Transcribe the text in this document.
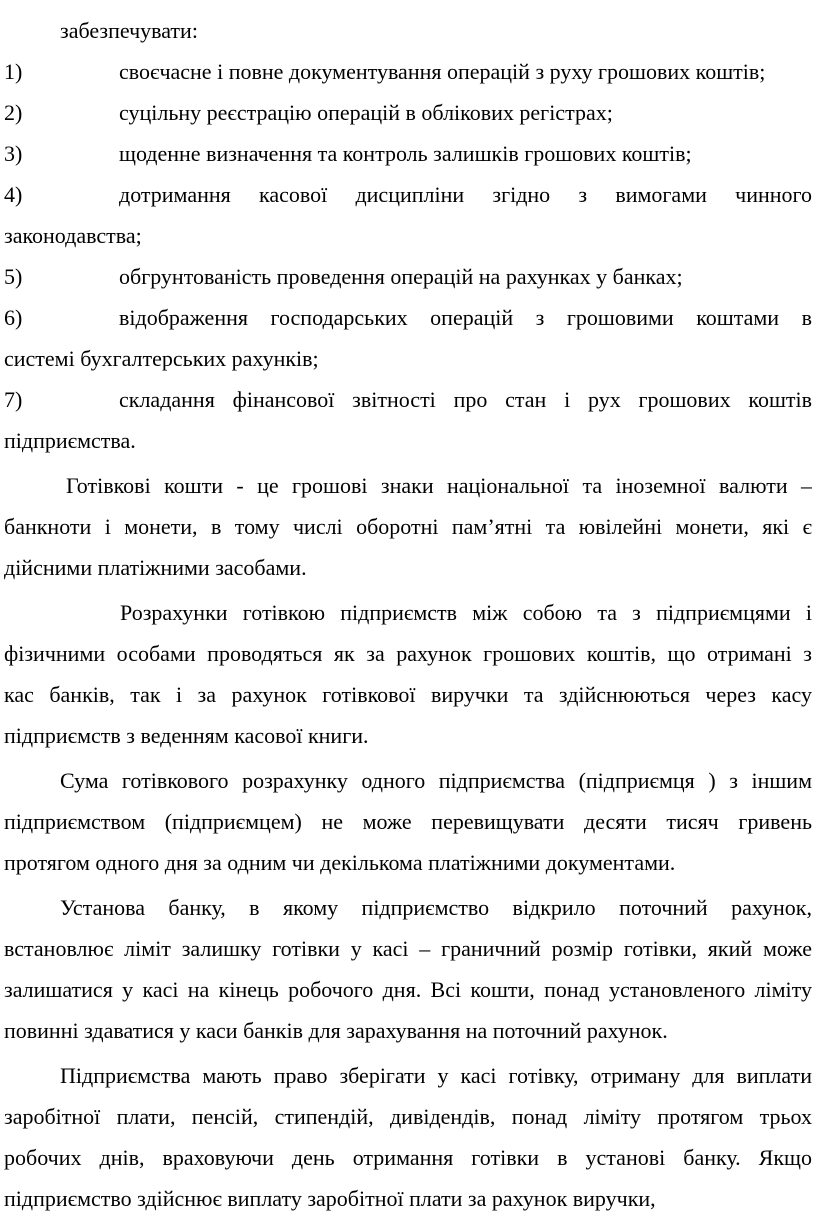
забезпечувати:
1)	своєчасне і повне документування операцій з руху грошових коштів;
2)	суцільну реєстрацію операцій в облікових регістрах;
3)	щоденне визначення та контроль залишків грошових коштів;
4)	дотримання касової дисципліни згідно з вимогами чинного
законодавства;
5)	обгрунтованість проведення операцій на рахунках у банках;
6)	відображення господарських операцій з грошовими коштами в
системі бухгалтерських рахунків;
7)	складання фінансової звітності про стан і рух грошових коштів
підприємства.
Готівкові кошти - це грошові знаки національної та іноземної валюти –
банкноти і монети, в тому числі оборотні пам’ятні та ювілейні монети, які є
дійсними платіжними засобами.
Розрахунки готівкою підприємств між собою та з підприємцями і
фізичними особами проводяться як за рахунок грошових коштів, що отримані з
кас банків, так і за рахунок готівкової виручки та здійснюються через касу
підприємств з веденням касової книги.
Сума готівкового розрахунку одного підприємства (підприємця ) з іншим
підприємством (підприємцем) не може перевищувати десяти тисяч гривень
протягом одного дня за одним чи декількома платіжними документами.
Установа банку, в якому підприємство відкрило поточний рахунок,
встановлює ліміт залишку готівки у касі – граничний розмір готівки, який може
залишатися у касі на кінець робочого дня. Всі кошти, понад установленого ліміту
повинні здаватися у каси банків для зарахування на поточний рахунок.
Підприємства мають право зберігати у касі готівку, отриману для виплати
заробітної плати, пенсій, стипендій, дивідендів, понад ліміту протягом трьох
робочих днів, враховуючи день отримання готівки в установі банку. Якщо
підприємство здійснює виплату заробітної плати за рахунок виручки,
